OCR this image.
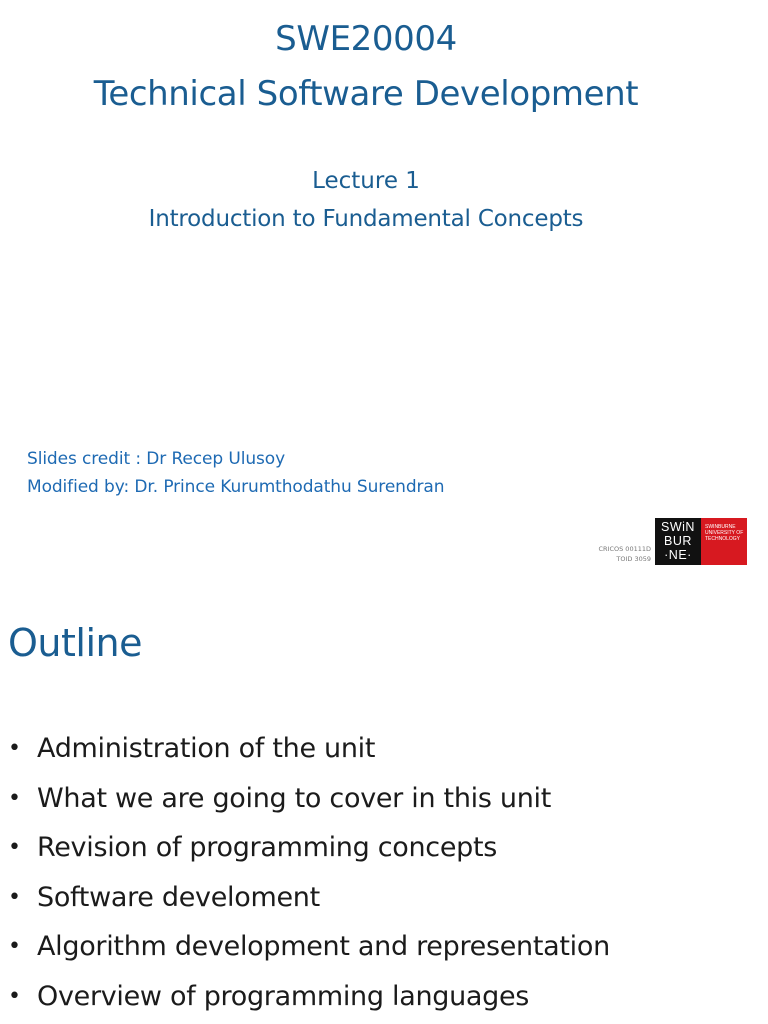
SWE20004
Technical Software Development
Lecture 1
Introduction to Fundamental Concepts
Slides credit : Dr Recep Ulusoy
Modified by: Dr. Prince Kurumthodathu Surendran
CRICOS 00111D
TOID 3059
SWiN
BUR
·NE·
SWINBURNE
UNIVERSITY OF
TECHNOLOGY
Outline
• Administration of the unit
• What we are going to cover in this unit
• Revision of programming concepts
• Software develoment
• Algorithm development and representation
• Overview of programming languages
